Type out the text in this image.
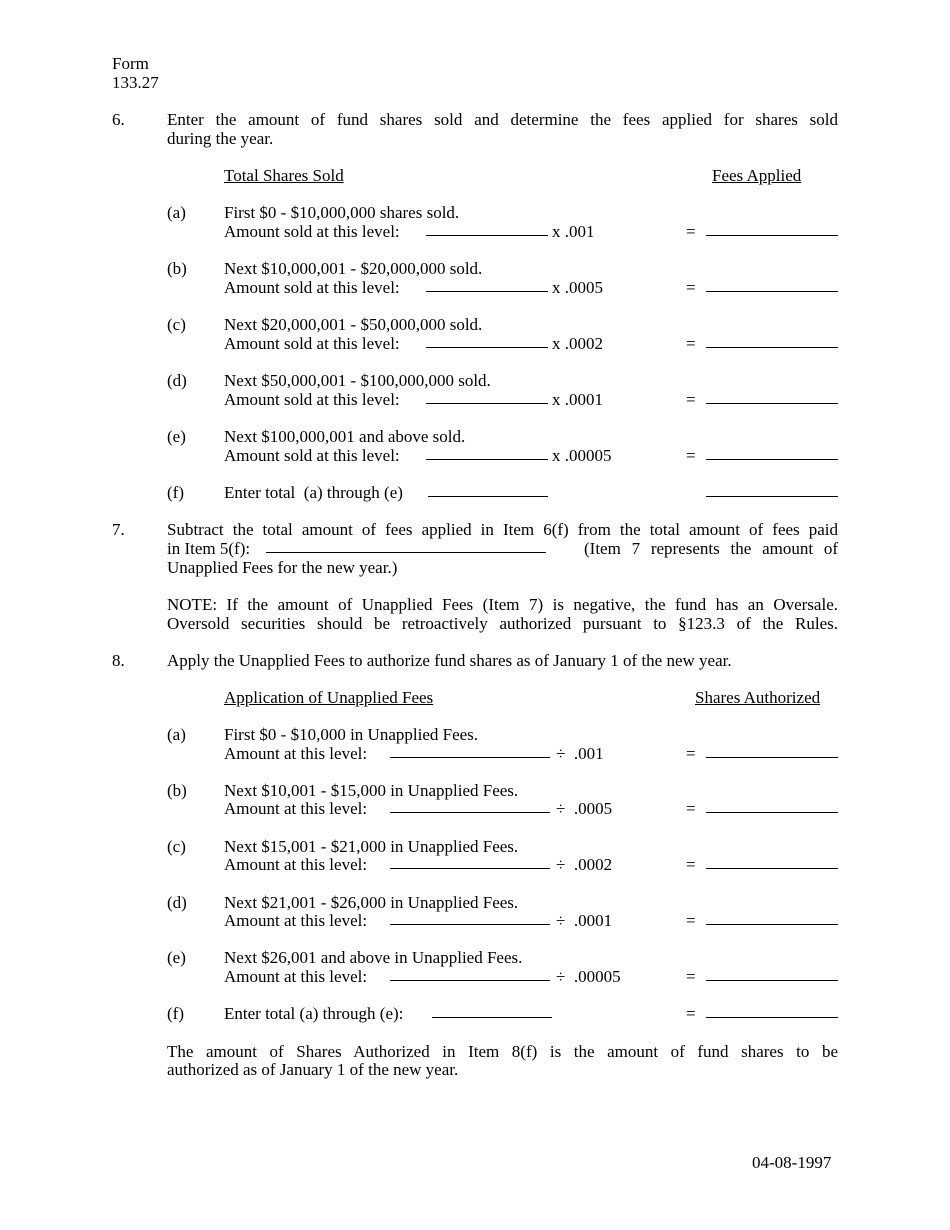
Form
133.27
6. Enter the amount of fund shares sold and determine the fees applied for shares sold
during the year.
Total Shares Sold	Fees Applied
(a) First $0 - $10,000,000 shares sold.
Amount sold at this level:	x .001	=
(b) Next $10,000,001 - $20,000,000 sold.
Amount sold at this level:	x .0005	=
(c) Next $20,000,001 - $50,000,000 sold.
Amount sold at this level:	x .0002	=
(d) Next $50,000,001 - $100,000,000 sold.
Amount sold at this level:	x .0001	=
(e) Next $100,000,001 and above sold.
Amount sold at this level:	x .00005	=
(f) Enter total  (a) through (e)
7. Subtract the total amount of fees applied in Item 6(f) from the total amount of fees paid
in Item 5(f):	(Item 7 represents the amount of
Unapplied Fees for the new year.)
NOTE: If the amount of Unapplied Fees (Item 7) is negative, the fund has an Oversale.
Oversold securities should be retroactively authorized pursuant to §123.3 of the Rules.
8. Apply the Unapplied Fees to authorize fund shares as of January 1 of the new year.
Application of Unapplied Fees	Shares Authorized
(a) First $0 - $10,000 in Unapplied Fees.
Amount at this level:	÷  .001	=
(b) Next $10,001 - $15,000 in Unapplied Fees.
Amount at this level:	÷  .0005	=
(c) Next $15,001 - $21,000 in Unapplied Fees.
Amount at this level:	÷  .0002	=
(d) Next $21,001 - $26,000 in Unapplied Fees.
Amount at this level:	÷  .0001	=
(e) Next $26,001 and above in Unapplied Fees.
Amount at this level:	÷  .00005	=
(f) Enter total (a) through (e):	=
The amount of Shares Authorized in Item 8(f) is the amount of fund shares to be
authorized as of January 1 of the new year.
04-08-1997
